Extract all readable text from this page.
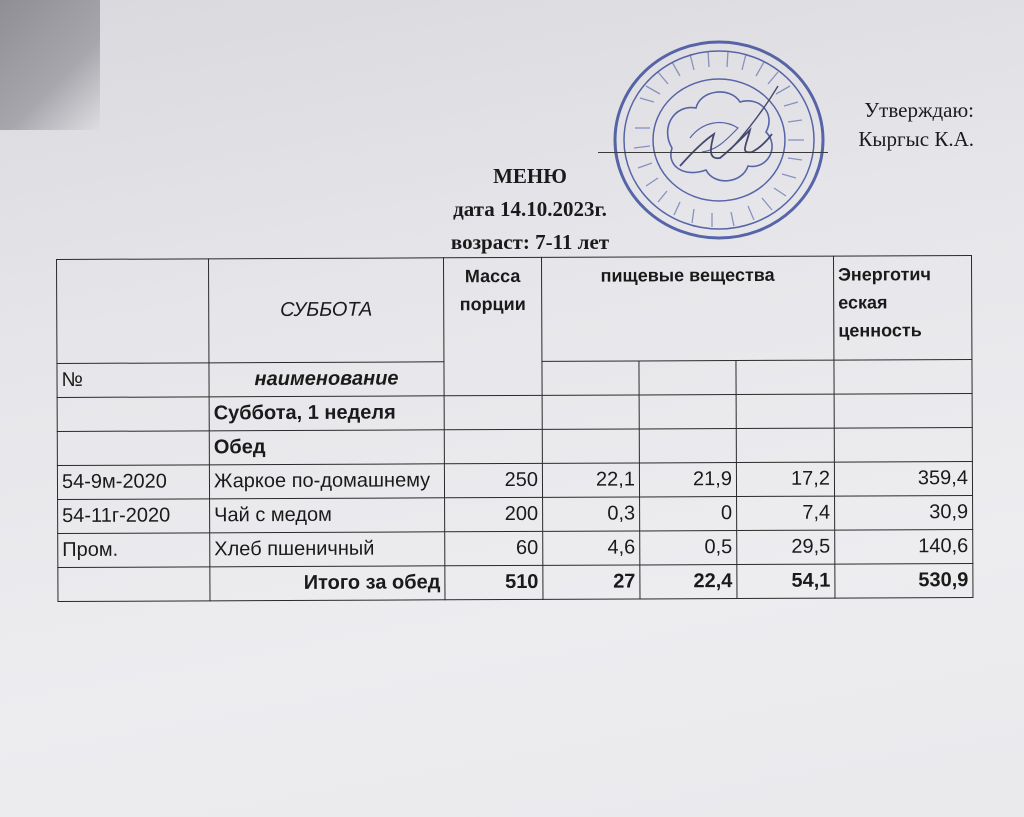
Утверждаю:
Кыргыс К.А.
МЕНЮ
дата 14.10.2023г.
возраст: 7-11 лет
	СУББОТА	Масса порции	пищевые вещества			Энерготич еская ценность
№	наименование					
	Суббота, 1 неделя					
	Обед					
54-9м-2020	Жаркое по-домашнему	250	22,1	21,9	17,2	359,4
54-11г-2020	Чай с медом	200	0,3	0	7,4	30,9
Пром.	Хлеб пшеничный	60	4,6	0,5	29,5	140,6
	Итого за обед	510	27	22,4	54,1	530,9
